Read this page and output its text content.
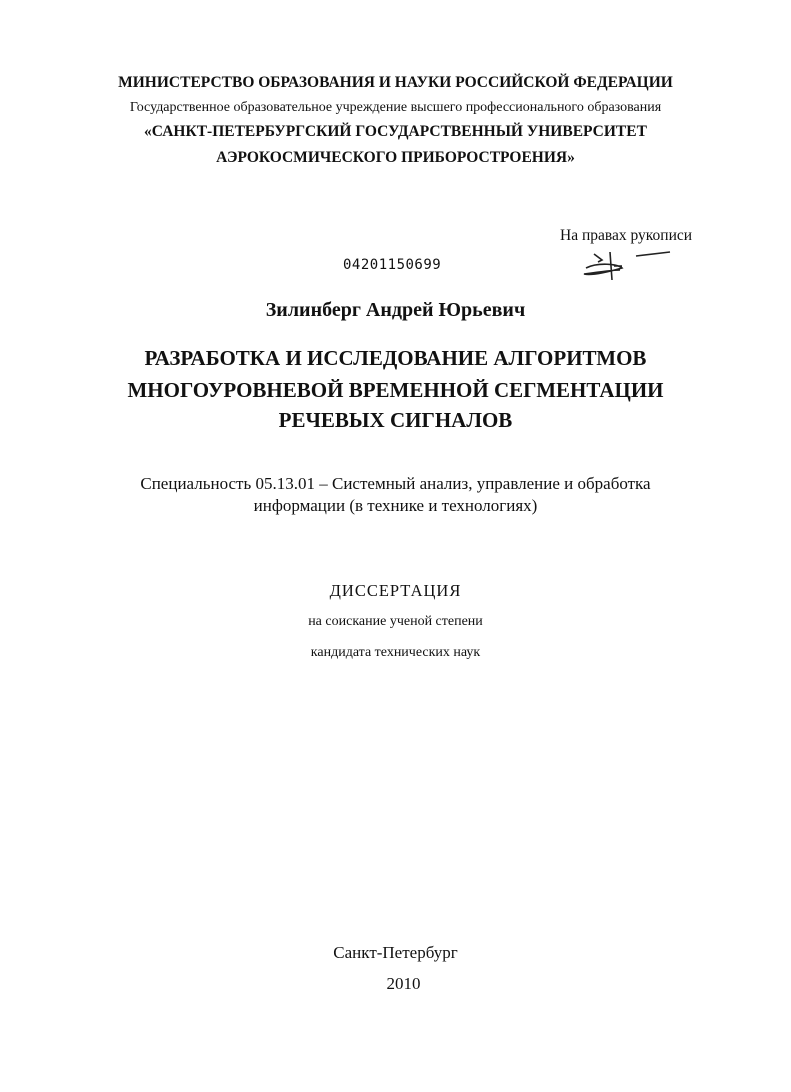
МИНИСТЕРСТВО ОБРАЗОВАНИЯ И НАУКИ РОССИЙСКОЙ ФЕДЕРАЦИИ
Государственное образовательное учреждение высшего профессионального образования
«САНКТ-ПЕТЕРБУРГСКИЙ ГОСУДАРСТВЕННЫЙ УНИВЕРСИТЕТ
АЭРОКОСМИЧЕСКОГО ПРИБОРОСТРОЕНИЯ»
На правах рукописи
04201150699
Зилинберг Андрей Юрьевич
РАЗРАБОТКА И ИССЛЕДОВАНИЕ АЛГОРИТМОВ
МНОГОУРОВНЕВОЙ ВРЕМЕННОЙ СЕГМЕНТАЦИИ
РЕЧЕВЫХ СИГНАЛОВ
Специальность 05.13.01 – Системный анализ, управление и обработка
информации (в технике и технологиях)
ДИССЕРТАЦИЯ
на соискание ученой степени
кандидата технических наук
Санкт-Петербург
2010
